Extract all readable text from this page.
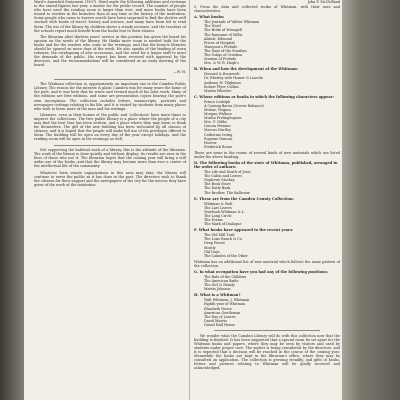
Ward's Amended Statement (1907). Ward made the following additions and revisions to the stated figures last year, a matter for the public record. The number of people who have used the reading room is larger than ever, and more books have been issued to readers in the branches than at any time in the history of the institution. Some people who came to borrow novels have been surprised to find the shelves well stocked with books of travel, history and science, and many have been led to read them. The use of the library by children shows a steady increase, and the teachers of the schools report much benefit from the books lent to their classes.

The librarian after thirteen years' service in this position has given the board his opinion on the needs of the library. He thinks more room is needed both for the books and for the readers who come in the evenings, and that the branch libraries should be opened on more days of the week. He also speaks of the binding of worn volumes, the cataloguing of new accessions, and the need for a larger staff to meet the demands of the public. His report has been received with approval by the directors, and the recommendations will be considered at an early meeting of the board.

—W. H.

The Whitman collection is, appropriately, an important one in the Camden Public Library. The reason for the interest is plain: Camden was for many years the home of the poet, and it was here that he wrote and revised much of his later work. Many of the editions are first editions, and some are presentation copies bearing the poet's own inscriptions. The collection includes letters, manuscripts, portraits and newspaper cuttings relating to his life, and it is visited by students from many places who wish to learn more of the man and his writings.

Libraries, even in their homes of the public and 'collections' have more times to improve the collections. The free public library is a place where the people of a city may find the best that has been written, and a place where they may learn to think for themselves. The gift of the new building has been welcomed by all classes of citizens, and it is hoped that the people will make full use of the privileges offered to them. The building will be open on every day of the year except holidays, and the reading room will be open in the evenings as well.

Not supporting the habitual work of a library, this is the attitude of the librarian. The work of the library is done quietly and without display; its results are seen in the lives of those who use it. The librarian hopes that the coming year will bring a still wider use of the books, and that the library may become more than ever a centre of the intellectual life of the community.

Whatever form senate organizations in this area may take, the library will continue to serve the public as it has done in the past. The directors wish to thank the citizens for their support and the newspapers of the city for the notices they have given of the work of the institution.

John F. McClelland

5. From the data and collected works of Whitman, with their uses and characteristics.

A. What books:

The Journals of Walter Whitman
The Word
The Bride of Wrangell
The Ransome of Willis
Abbott, Edmond
Prices of Hospital
Tennyson's Prelude
The Days of the Stanleys
The Songs of Creation
Stanton of Prelude
Mrs. & W. R. Hugh's

B. When and how the development of the Whitman:

Howard & Roosevelt
Dr. Eberley with Homer & Lincoln
Anthony W. Tilghman
Robert Flyer Collins
Martin Wheeler

C. Whose editions or books in which the following characters appear:

Prince Ludolph
A Coming Baron (Grover Reliance)
Mohne, Virgina
Morgan Wallace
Muslin Frelinghuysen
Mrs. F. Gibbs
Lenora Fermini
Marcus Hartley
Catherine Irving
Eugenie Duncan
Hoover
Frederick Rouse

These are some in the rooms of several kinds of new materials which are listed under the above heading.

D. The following books of the state of Whitman, published, arranged in the order of authors:

The Life and Death of Josie
The Cabin and Leaves
Nephewe Mackey
The Book Store
The Early Book
The Brother, The Ballroom

E. These are from the Camden County Collection:

Whitman & Walt
The Last Leaves
Yearbook Whitman & L.
The Long Circle
The Poems
The Mark of Dialogue

F. What books have appeared in the recent years:

The Old Mill Trail
The Lone Ranch & Co.
Deep Forest
Mostly
Old Days
The Camden of the Other

Whitman has an additional list of new material which follows the same pattern of the collection.

G. In what occupation have you had any of the following positions:

The Rule of the Children
The American Bride
The Girl & Family
Martin Johnson

H. What is a Whitman?

Walt Whitman, J. Whitman
Eighth year of Whitman
Elizabeth Nurse
American Gentleman
The Day of Leaves
David Martin
Grand Hall House

We wonder what the Camden Library will do with this collection now that the building is finished. It has been suggested that a special room be set apart for the Whitman books and papers, where they may be seen by visitors and used by students under proper care. The matter is being considered by the directors, and it is expected that a decision will be reached in the course of the coming year. Meanwhile the books are kept in the librarian's office, where they may be consulted on application. The collection is growing steadily, and gifts of books, letters and pictures relating to Whitman will be gladly received and acknowledged.
